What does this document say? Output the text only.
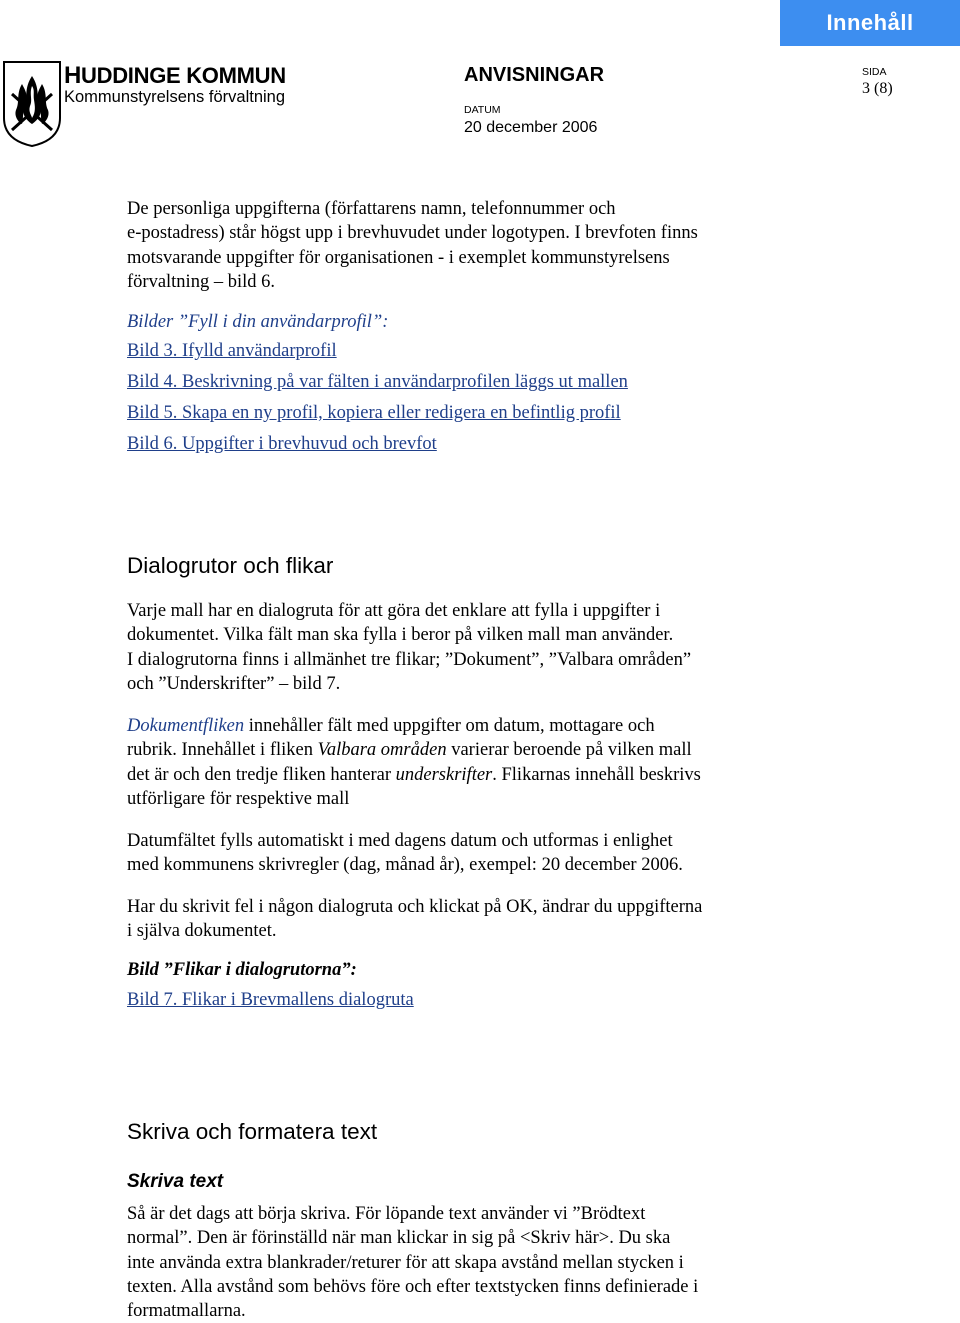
Innehåll
HUDDINGE KOMMUN
Kommunstyrelsens förvaltning
ANVISNINGAR
DATUM
20 december 2006
SIDA
3 (8)
De personliga uppgifterna (författarens namn, telefonnummer och
e-postadress) står högst upp i brevhuvudet under logotypen. I brevfoten finns
motsvarande uppgifter för organisationen - i exemplet kommunstyrelsens
förvaltning – bild 6.
Bilder ”Fyll i din användarprofil”:
Bild 3. Ifylld användarprofil
Bild 4. Beskrivning på var fälten i användarprofilen läggs ut mallen
Bild 5. Skapa en ny profil, kopiera eller redigera en befintlig profil
Bild 6. Uppgifter i brevhuvud och brevfot
Dialogrutor och flikar
Varje mall har en dialogruta för att göra det enklare att fylla i uppgifter i
dokumentet. Vilka fält man ska fylla i beror på vilken mall man använder.
I dialogrutorna finns i allmänhet tre flikar; ”Dokument”, ”Valbara områden”
och ”Underskrifter” – bild 7.
Dokumentfliken innehåller fält med uppgifter om datum, mottagare och
rubrik. Innehållet i fliken Valbara områden varierar beroende på vilken mall
det är och den tredje fliken hanterar underskrifter. Flikarnas innehåll beskrivs
utförligare för respektive mall
Datumfältet fylls automatiskt i med dagens datum och utformas i enlighet
med kommunens skrivregler (dag, månad år), exempel: 20 december 2006.
Har du skrivit fel i någon dialogruta och klickat på OK, ändrar du uppgifterna
i själva dokumentet.
Bild ”Flikar i dialogrutorna”:
Bild 7. Flikar i Brevmallens dialogruta
Skriva och formatera text
Skriva text
Så är det dags att börja skriva. För löpande text använder vi ”Brödtext
normal”. Den är förinställd när man klickar in sig på <Skriv här>. Du ska
inte använda extra blankrader/returer för att skapa avstånd mellan stycken i
texten. Alla avstånd som behövs före och efter textstycken finns definierade i
formatmallarna.
